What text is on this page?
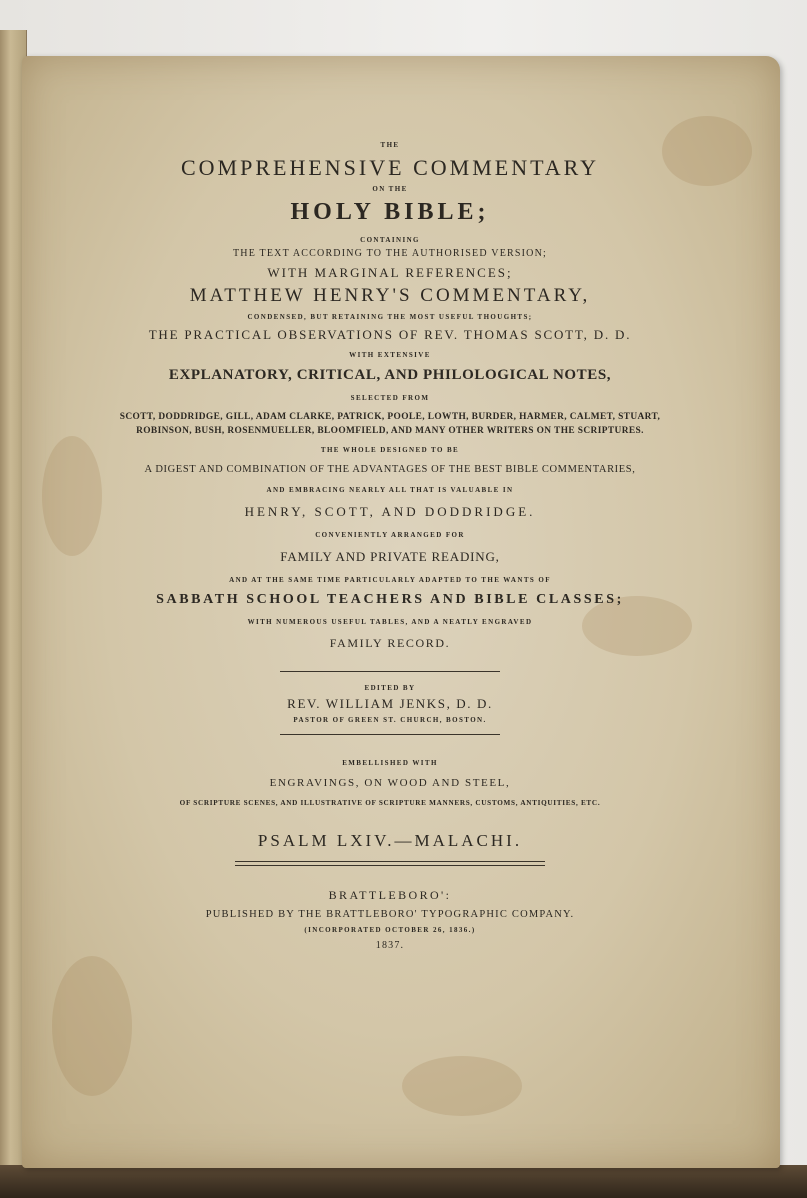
THE
COMPREHENSIVE COMMENTARY
ON THE
HOLY BIBLE;
CONTAINING
THE TEXT ACCORDING TO THE AUTHORISED VERSION;
WITH MARGINAL REFERENCES;
MATTHEW HENRY'S COMMENTARY,
CONDENSED, BUT RETAINING THE MOST USEFUL THOUGHTS;
THE PRACTICAL OBSERVATIONS OF REV. THOMAS SCOTT, D. D.
WITH EXTENSIVE
EXPLANATORY, CRITICAL, AND PHILOLOGICAL NOTES,
SELECTED FROM
SCOTT, DODDRIDGE, GILL, ADAM CLARKE, PATRICK, POOLE, LOWTH, BURDER, HARMER, CALMET, STUART,
ROBINSON, BUSH, ROSENMUELLER, BLOOMFIELD, AND MANY OTHER WRITERS ON THE SCRIPTURES.
THE WHOLE DESIGNED TO BE
A DIGEST AND COMBINATION OF THE ADVANTAGES OF THE BEST BIBLE COMMENTARIES,
AND EMBRACING NEARLY ALL THAT IS VALUABLE IN
HENRY, SCOTT, AND DODDRIDGE.
CONVENIENTLY ARRANGED FOR
FAMILY AND PRIVATE READING,
AND AT THE SAME TIME PARTICULARLY ADAPTED TO THE WANTS OF
SABBATH SCHOOL TEACHERS AND BIBLE CLASSES;
WITH NUMEROUS USEFUL TABLES, AND A NEATLY ENGRAVED
FAMILY RECORD.
EDITED BY
REV. WILLIAM JENKS, D. D.
PASTOR OF GREEN ST. CHURCH, BOSTON.
EMBELLISHED WITH
ENGRAVINGS, ON WOOD AND STEEL,
OF SCRIPTURE SCENES, AND ILLUSTRATIVE OF SCRIPTURE MANNERS, CUSTOMS, ANTIQUITIES, ETC.
PSALM LXIV.—MALACHI.
BRATTLEBORO':
PUBLISHED BY THE BRATTLEBORO' TYPOGRAPHIC COMPANY.
(INCORPORATED OCTOBER 26, 1836.)
1837.
